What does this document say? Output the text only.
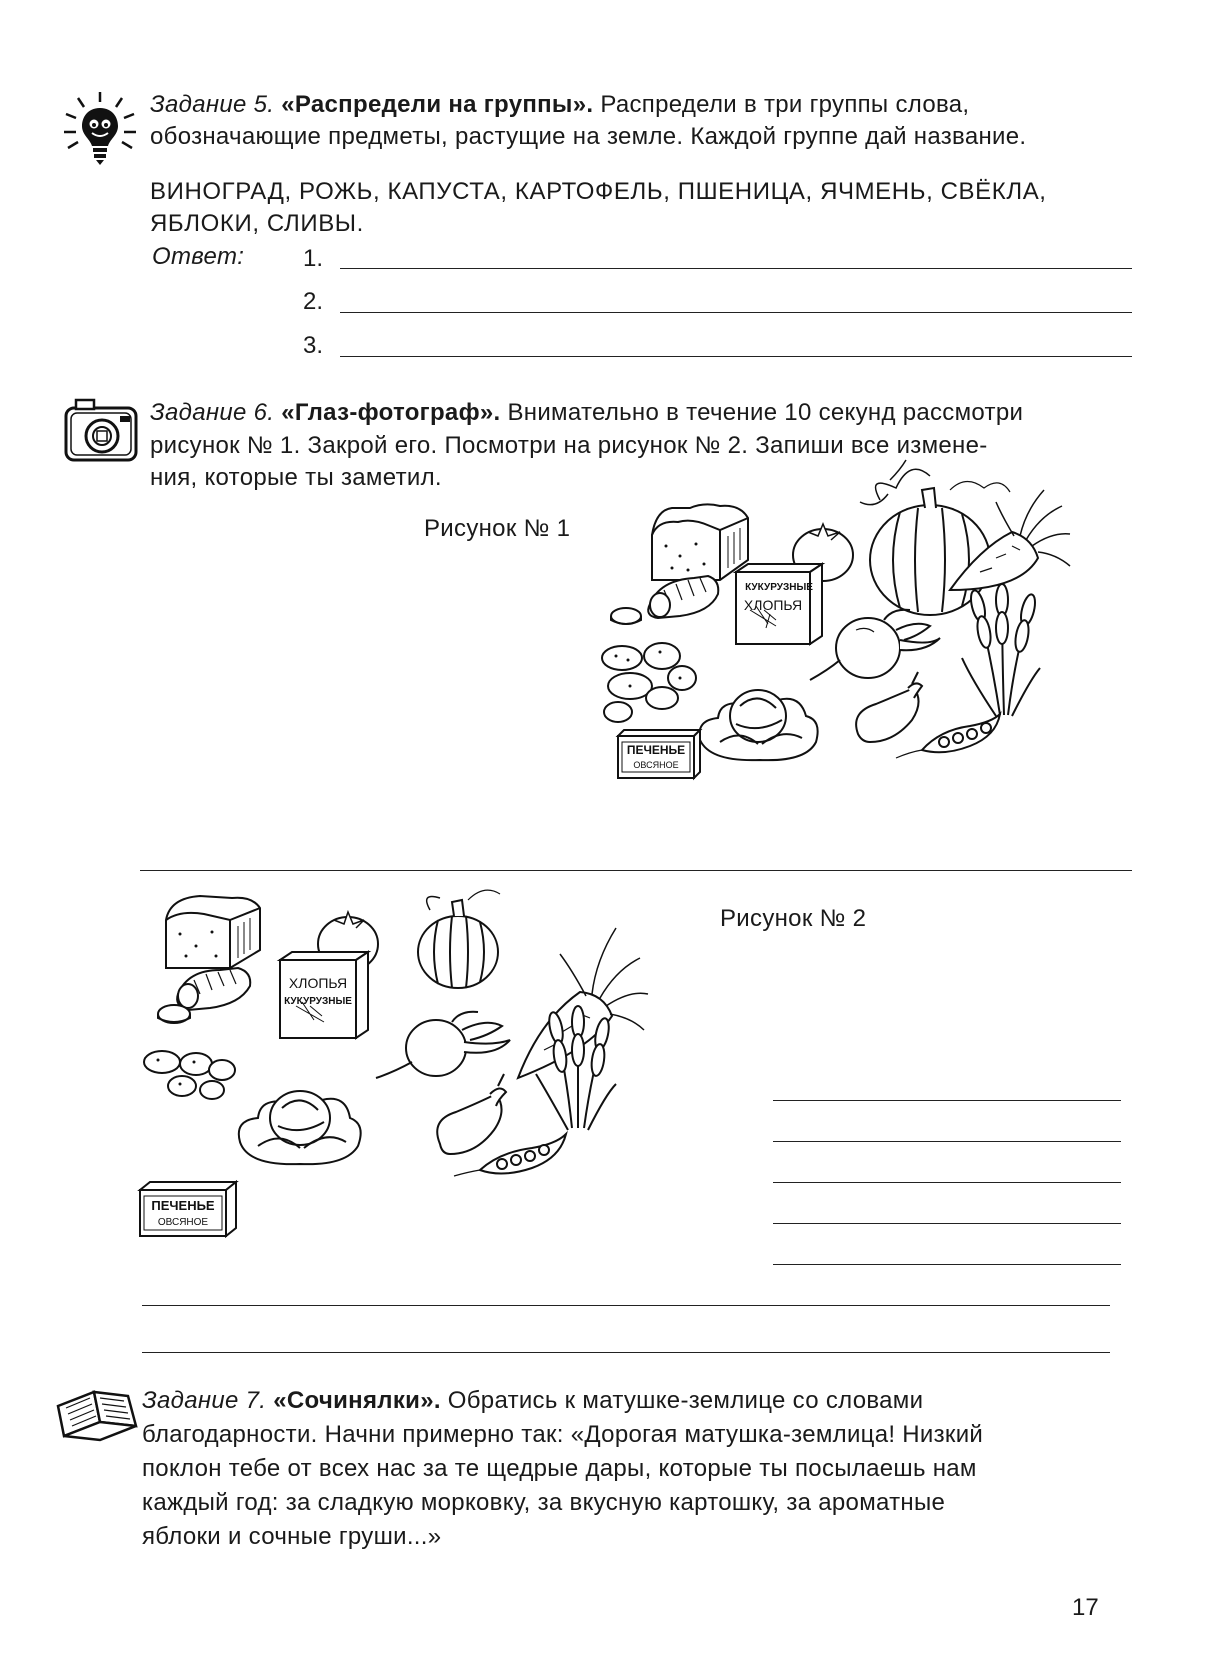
Задание 5. «Распредели на группы». Распредели в три группы слова,
обозначающие предметы, растущие на земле. Каждой группе дай название.
ВИНОГРАД, РОЖЬ, КАПУСТА, КАРТОФЕЛЬ, ПШЕНИЦА, ЯЧМЕНЬ, СВЁКЛА,
ЯБЛОКИ, СЛИВЫ.
Ответ: 1.
2.
3.
Задание 6. «Глаз-фотограф». Внимательно в течение 10 секунд рассмотри
рисунок № 1. Закрой его. Посмотри на рисунок № 2. Запиши все измене-
ния, которые ты заметил.
Рисунок № 1
КУКУРУЗНЫЕ
ХЛОПЬЯ
ПЕЧЕНЬЕ
ОВСЯНОЕ
Рисунок № 2
ХЛОПЬЯ
КУКУРУЗНЫЕ
ПЕЧЕНЬЕ
ОВСЯНОЕ
Задание 7. «Сочинялки». Обратись к матушке-землице со словами
благодарности. Начни примерно так: «Дорогая матушка-землица! Низкий
поклон тебе от всех нас за те щедрые дары, которые ты посылаешь нам
каждый год: за сладкую морковку, за вкусную картошку, за ароматные
яблоки и сочные груши...»
17
